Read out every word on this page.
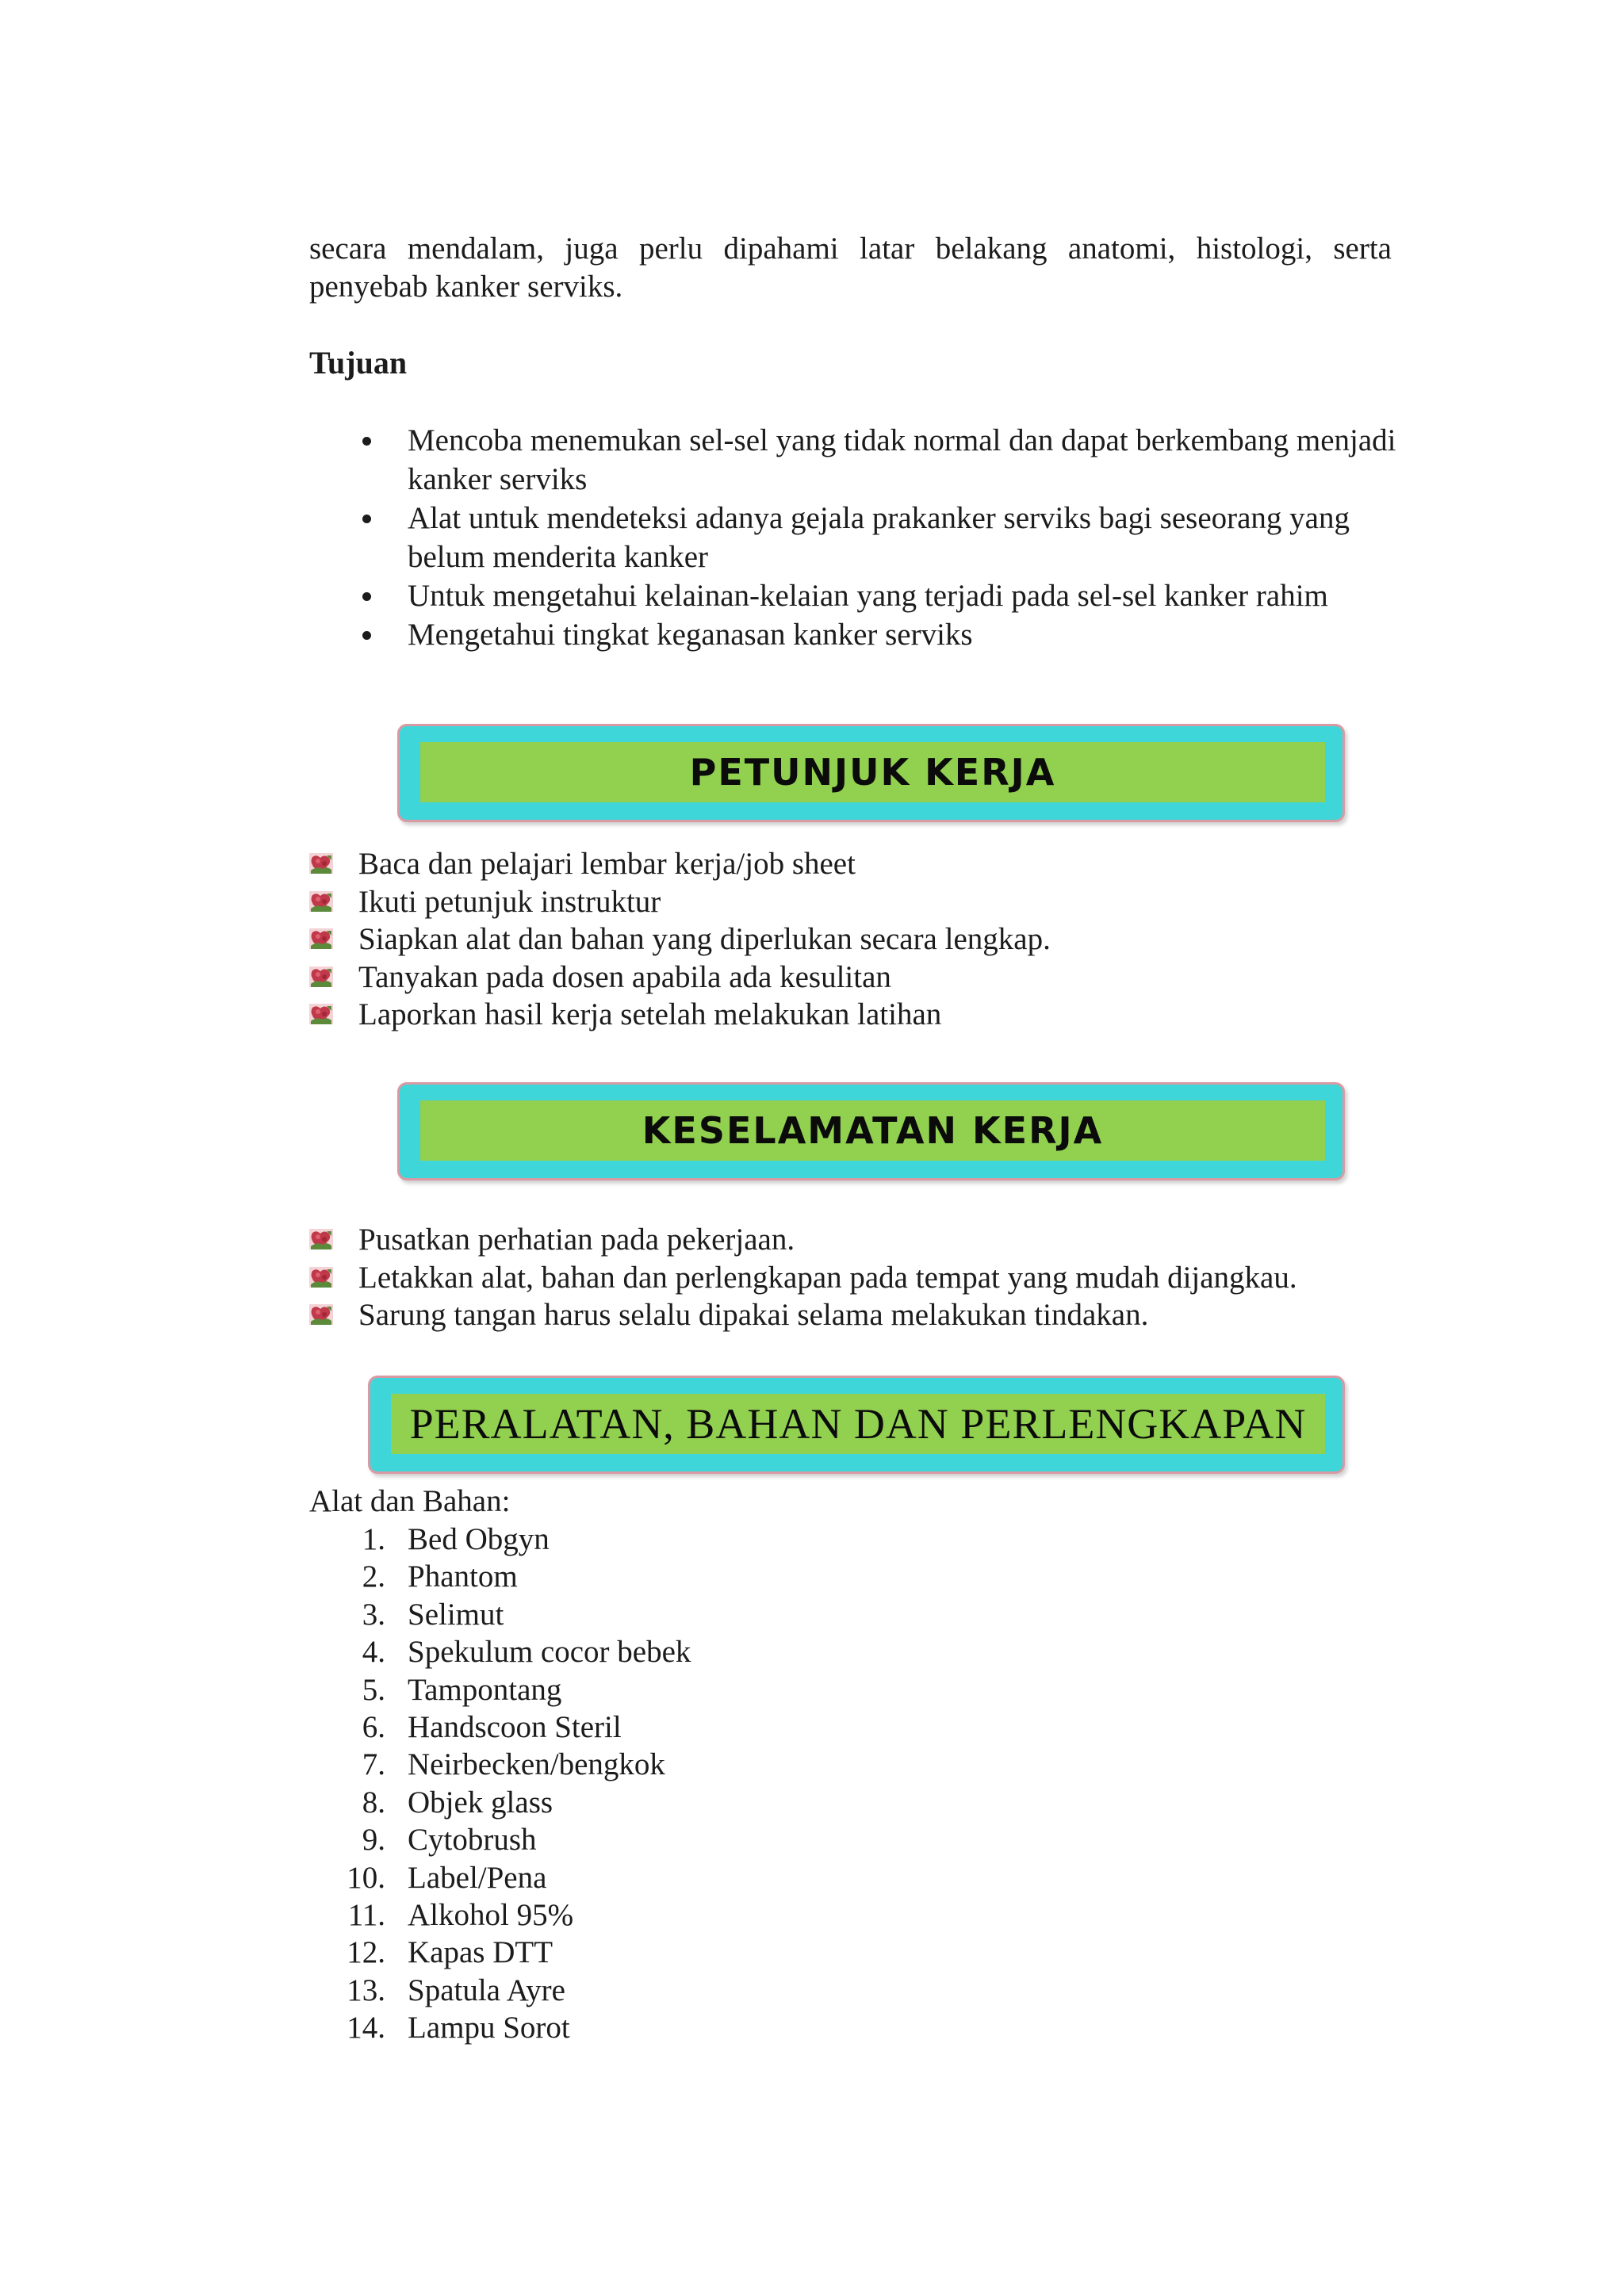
secara mendalam, juga perlu dipahami latar belakang anatomi, histologi, serta penyebab kanker serviks.

Tujuan
Mencoba menemukan sel-sel yang tidak normal dan dapat berkembang menjadi kanker serviks
Alat untuk mendeteksi adanya gejala prakanker serviks bagi seseorang yang belum menderita kanker
Untuk mengetahui kelainan-kelaian yang terjadi pada sel-sel kanker rahim
Mengetahui tingkat keganasan kanker serviks
PETUNJUK KERJA
Baca dan pelajari lembar kerja/job sheet
Ikuti petunjuk instruktur
Siapkan alat dan bahan yang diperlukan secara lengkap.
Tanyakan pada dosen apabila ada kesulitan
Laporkan hasil kerja setelah melakukan latihan
KESELAMATAN KERJA
Pusatkan perhatian pada pekerjaan.
Letakkan alat, bahan dan perlengkapan pada tempat yang mudah dijangkau.
Sarung tangan harus selalu dipakai selama melakukan tindakan.
PERALATAN, BAHAN DAN PERLENGKAPAN

Alat dan Bahan:

1. Bed Obgyn
2. Phantom
3. Selimut
4. Spekulum cocor bebek
5. Tampontang
6. Handscoon Steril
7. Neirbecken/bengkok
8. Objek glass
9. Cytobrush
10. Label/Pena
11. Alkohol 95%
12. Kapas DTT
13. Spatula Ayre
14. Lampu Sorot
